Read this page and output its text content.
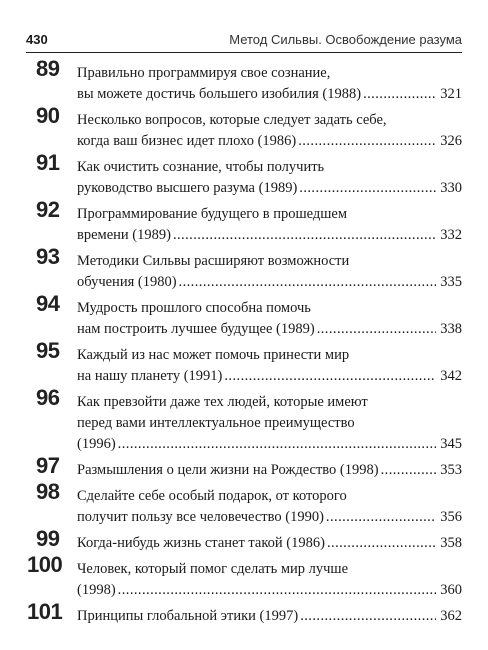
430	Метод Сильвы. Освобождение разума
89 Правильно программируя свое сознание,
вы можете достичь большего изобилия (1988) . . .	321
90 Несколько вопросов, которые следует задать себе,
когда ваш бизнес идет плохо (1986) . . .	326
91 Как очистить сознание, чтобы получить
руководство высшего разума (1989) . . .	330
92 Программирование будущего в прошедшем
времени (1989) . . .	332
93 Методики Сильвы расширяют возможности
обучения (1980) . . .	335
94 Мудрость прошлого способна помочь
нам построить лучшее будущее (1989) . . .	338
95 Каждый из нас может помочь принести мир
на нашу планету (1991) . . .	342
96 Как превзойти даже тех людей, которые имеют
перед вами интеллектуальное преимущество
(1996) . . .	345
97 Размышления о цели жизни на Рождество (1998) . . .	353
98 Сделайте себе особый подарок, от которого
получит пользу все человечество (1990) . . .	356
99 Когда-нибудь жизнь станет такой (1986) . . .	358
100 Человек, который помог сделать мир лучше
(1998) . . .	360
101 Принципы глобальной этики (1997) . . .	362
